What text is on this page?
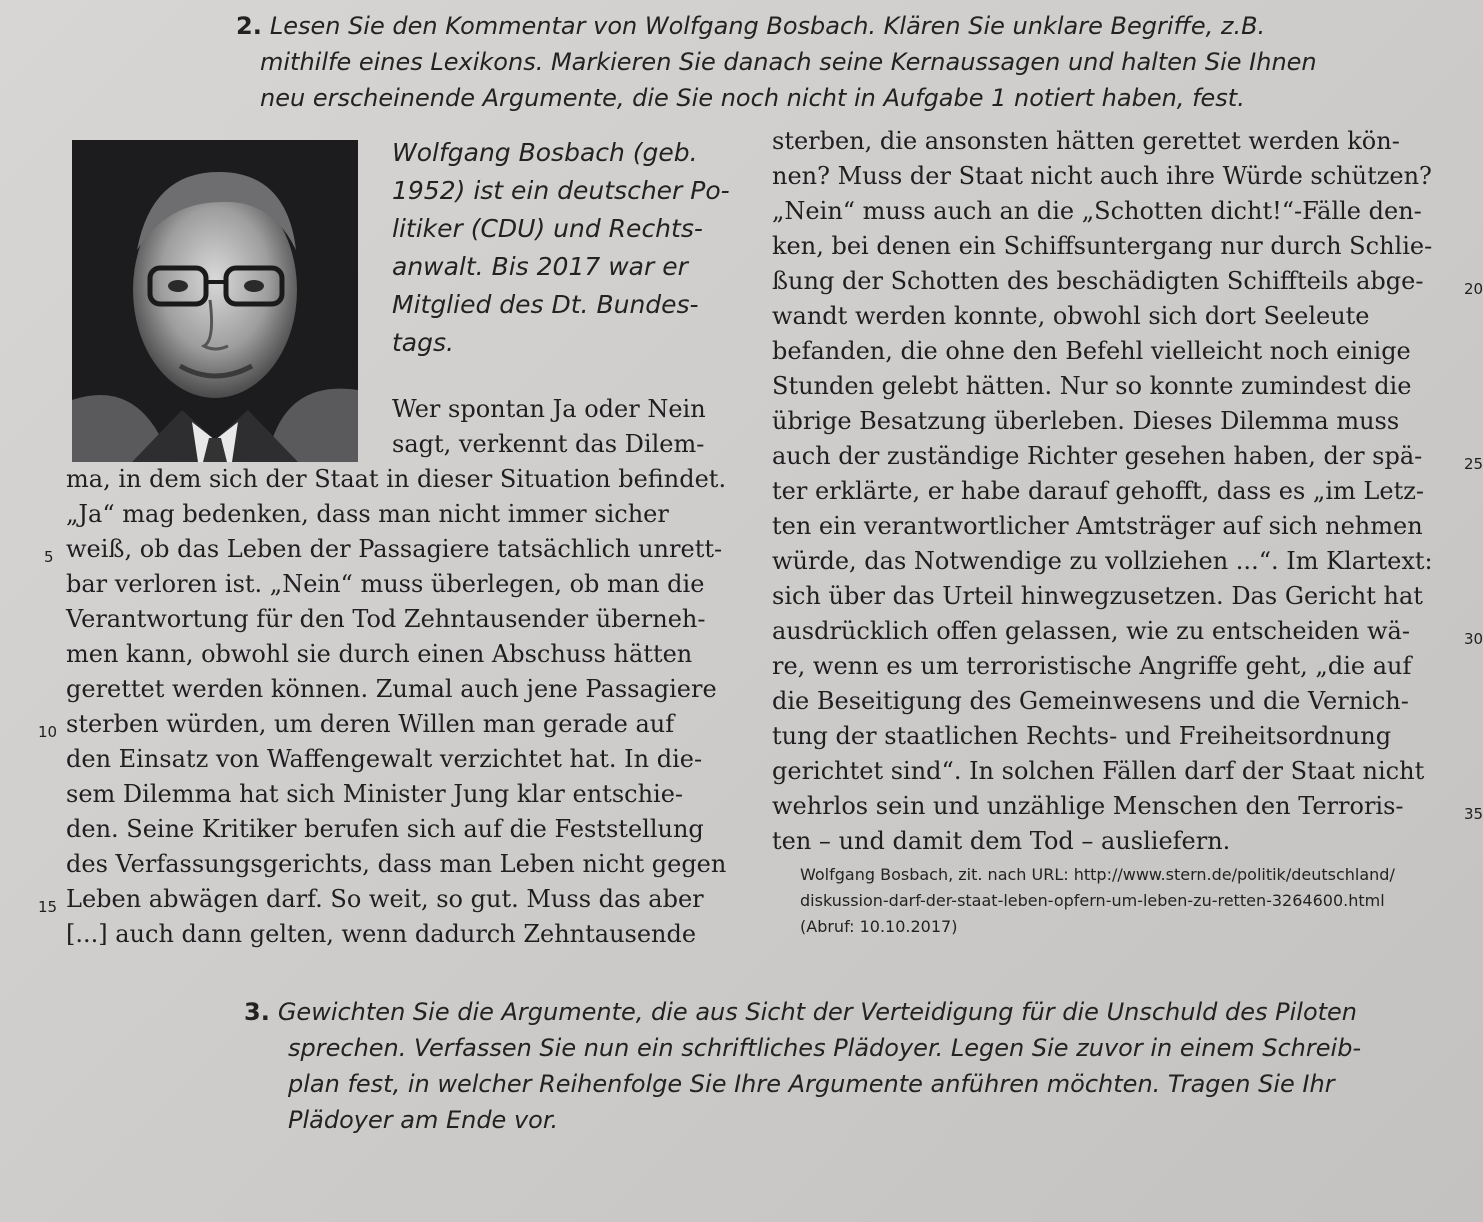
2. Lesen Sie den Kommentar von Wolfgang Bosbach. Klären Sie unklare Begriffe, z.B.
mithilfe eines Lexikons. Markieren Sie danach seine Kernaussagen und halten Sie Ihnen
neu erscheinende Argumente, die Sie noch nicht in Aufgabe 1 notiert haben, fest.
Wolfgang Bosbach (geb.
1952) ist ein deutscher Po-
litiker (CDU) und Rechts-
anwalt. Bis 2017 war er
Mitglied des Dt. Bundes-
tags.
Wer spontan Ja oder Nein
sagt, verkennt das Dilem-
ma, in dem sich der Staat in dieser Situation befindet.
„Ja“ mag bedenken, dass man nicht immer sicher
5 weiß, ob das Leben der Passagiere tatsächlich unrett-
bar verloren ist. „Nein“ muss überlegen, ob man die
Verantwortung für den Tod Zehntausender überneh-
men kann, obwohl sie durch einen Abschuss hätten
gerettet werden können. Zumal auch jene Passagiere
10 sterben würden, um deren Willen man gerade auf
den Einsatz von Waffengewalt verzichtet hat. In die-
sem Dilemma hat sich Minister Jung klar entschie-
den. Seine Kritiker berufen sich auf die Feststellung
des Verfassungsgerichts, dass man Leben nicht gegen
15 Leben abwägen darf. So weit, so gut. Muss das aber
[...] auch dann gelten, wenn dadurch Zehntausende
sterben, die ansonsten hätten gerettet werden kön-
nen? Muss der Staat nicht auch ihre Würde schützen?
„Nein“ muss auch an die „Schotten dicht!“-Fälle den-
ken, bei denen ein Schiffsuntergang nur durch Schlie-
ßung der Schotten des beschädigten Schiffteils abge-	20
wandt werden konnte, obwohl sich dort Seeleute
befanden, die ohne den Befehl vielleicht noch einige
Stunden gelebt hätten. Nur so konnte zumindest die
übrige Besatzung überleben. Dieses Dilemma muss
auch der zuständige Richter gesehen haben, der spä-	25
ter erklärte, er habe darauf gehofft, dass es „im Letz-
ten ein verantwortlicher Amtsträger auf sich nehmen
würde, das Notwendige zu vollziehen ...“. Im Klartext:
sich über das Urteil hinwegzusetzen. Das Gericht hat
ausdrücklich offen gelassen, wie zu entscheiden wä-	30
re, wenn es um terroristische Angriffe geht, „die auf
die Beseitigung des Gemeinwesens und die Vernich-
tung der staatlichen Rechts- und Freiheitsordnung
gerichtet sind“. In solchen Fällen darf der Staat nicht
wehrlos sein und unzählige Menschen den Terroris-	35
ten – und damit dem Tod – ausliefern.
Wolfgang Bosbach, zit. nach URL: http://www.stern.de/politik/deutschland/
diskussion-darf-der-staat-leben-opfern-um-leben-zu-retten-3264600.html
(Abruf: 10.10.2017)
3. Gewichten Sie die Argumente, die aus Sicht der Verteidigung für die Unschuld des Piloten
sprechen. Verfassen Sie nun ein schriftliches Plädoyer. Legen Sie zuvor in einem Schreib-
plan fest, in welcher Reihenfolge Sie Ihre Argumente anführen möchten. Tragen Sie Ihr
Plädoyer am Ende vor.
